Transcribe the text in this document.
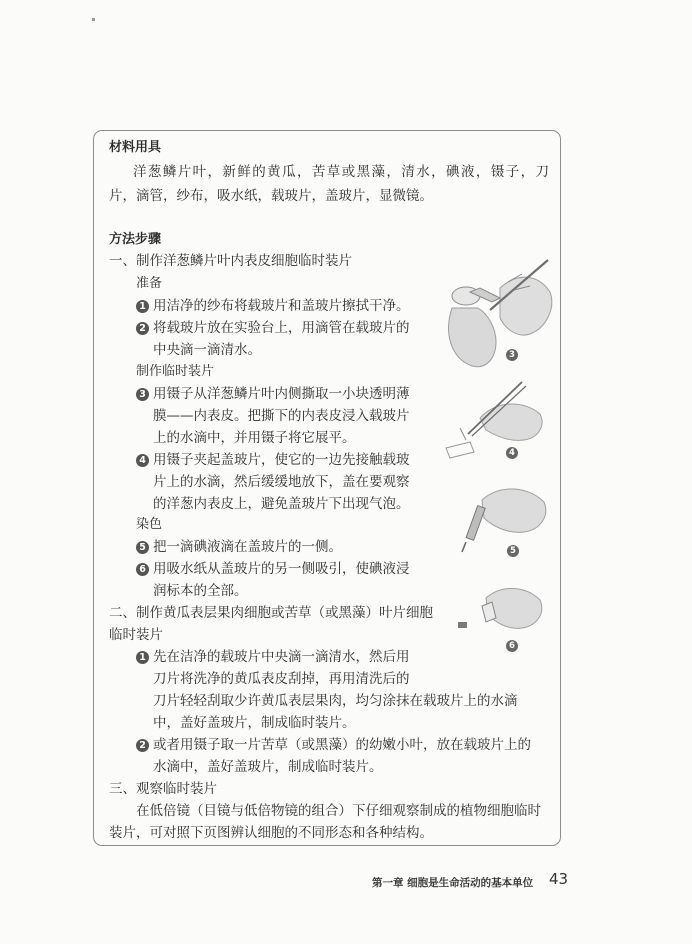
材料用具
洋葱鳞片叶，新鲜的黄瓜，苦草或黑藻，清水，碘液，镊子，刀
片，滴管，纱布，吸水纸，载玻片，盖玻片，显微镜。
方法步骤
一、制作洋葱鳞片叶内表皮细胞临时装片
准备
1 用洁净的纱布将载玻片和盖玻片擦拭干净。
2 将载玻片放在实验台上，用滴管在载玻片的
中央滴一滴清水。
制作临时装片
3 用镊子从洋葱鳞片叶内侧撕取一小块透明薄
膜——内表皮。把撕下的内表皮浸入载玻片
上的水滴中，并用镊子将它展平。
4 用镊子夹起盖玻片，使它的一边先接触载玻
片上的水滴，然后缓缓地放下，盖在要观察
的洋葱内表皮上，避免盖玻片下出现气泡。
染色
5 把一滴碘液滴在盖玻片的一侧。
6 用吸水纸从盖玻片的另一侧吸引，使碘液浸
润标本的全部。
二、制作黄瓜表层果肉细胞或苦草（或黑藻）叶片细胞
临时装片
1 先在洁净的载玻片中央滴一滴清水，然后用
刀片将洗净的黄瓜表皮刮掉，再用清洗后的
刀片轻轻刮取少许黄瓜表层果肉，均匀涂抹在载玻片上的水滴
中，盖好盖玻片，制成临时装片。
2 或者用镊子取一片苦草（或黑藻）的幼嫩小叶，放在载玻片上的
水滴中，盖好盖玻片，制成临时装片。
三、观察临时装片
在低倍镜（目镜与低倍物镜的组合）下仔细观察制成的植物细胞临时
装片，可对照下页图辨认细胞的不同形态和各种结构。
3
4
5
6
第一章 细胞是生命活动的基本单位 43
